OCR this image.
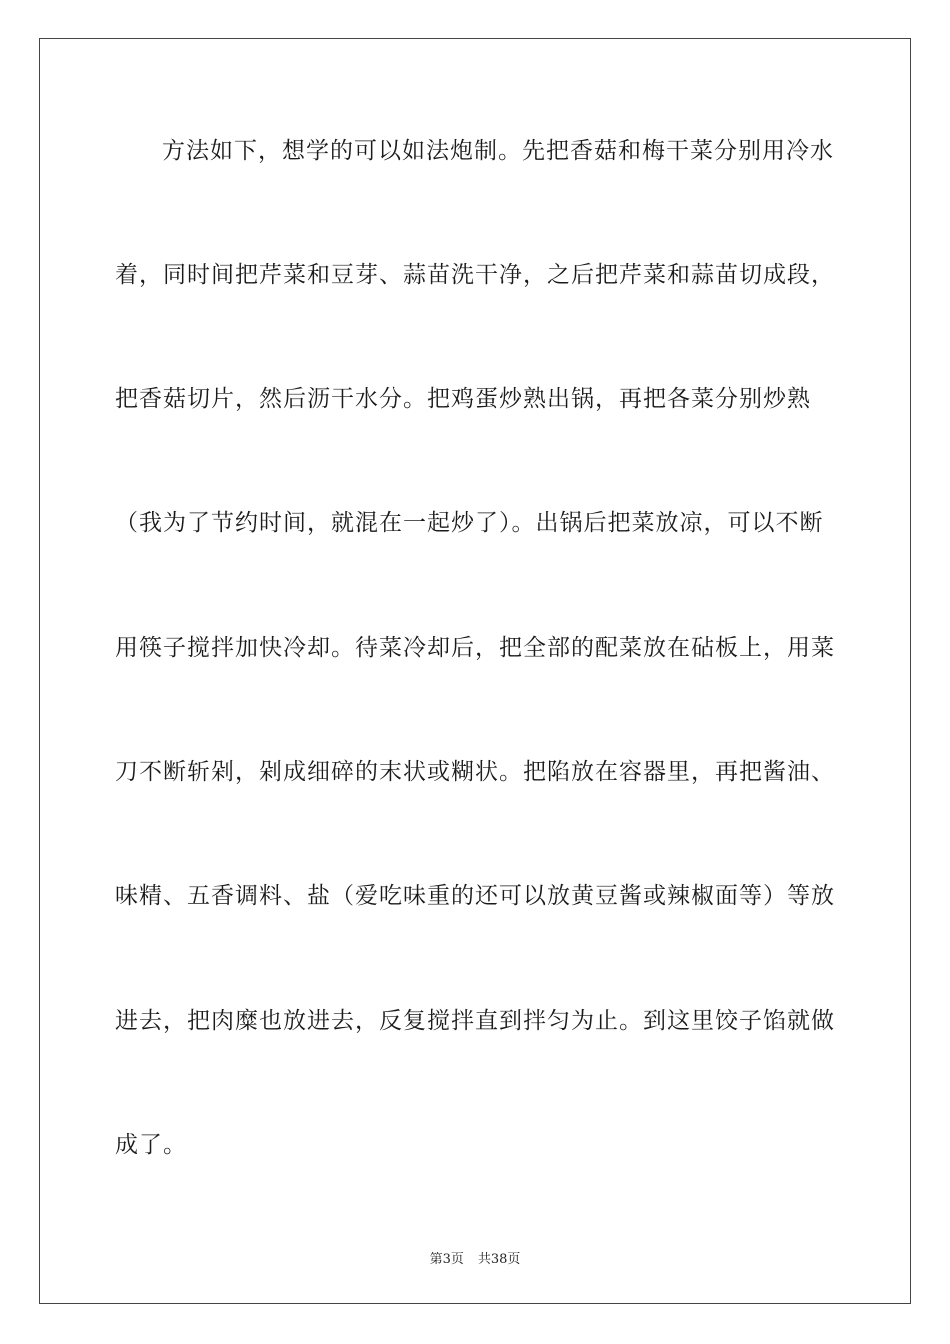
方法如下，想学的可以如法炮制。先把香菇和梅干菜分别用冷水
着，同时间把芹菜和豆芽、蒜苗洗干净，之后把芹菜和蒜苗切成段，
把香菇切片，然后沥干水分。把鸡蛋炒熟出锅，再把各菜分别炒熟
（我为了节约时间，就混在一起炒了）。出锅后把菜放凉，可以不断
用筷子搅拌加快冷却。待菜冷却后，把全部的配菜放在砧板上，用菜
刀不断斩剁，剁成细碎的末状或糊状。把陷放在容器里，再把酱油、
味精、五香调料、盐（爱吃味重的还可以放黄豆酱或辣椒面等）等放
进去，把肉糜也放进去，反复搅拌直到拌匀为止。到这里饺子馅就做
成了。
第3页 共38页
